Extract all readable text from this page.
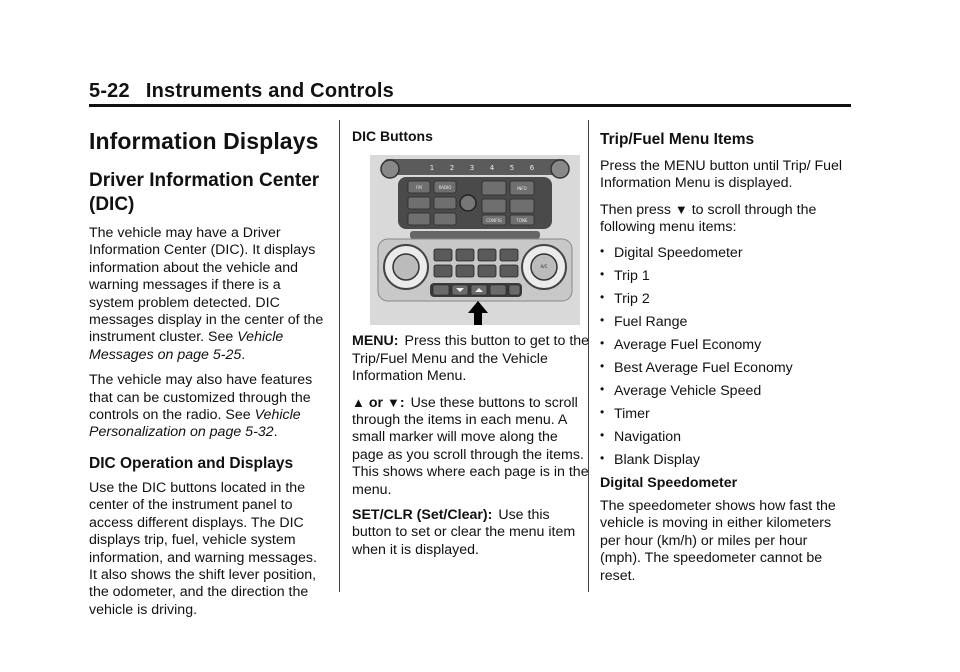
5-22 Instruments and Controls
Information Displays
Driver Information Center (DIC)

The vehicle may have a Driver Information Center (DIC). It displays information about the vehicle and warning messages if there is a system problem detected. DIC messages display in the center of the instrument cluster. See Vehicle Messages on page 5-25.

The vehicle may also have features that can be customized through the controls on the radio. See Vehicle Personalization on page 5-32.

DIC Operation and Displays

Use the DIC buttons located in the center of the instrument panel to access different displays. The DIC displays trip, fuel, vehicle system information, and warning messages. It also shows the shift lever position, the odometer, and the direction the vehicle is driving.

DIC Buttons
1 2 3 4 5 6
FM	RADIO
TONE
CONFIG
INFO
A/C

MENU: Press this button to get to the Trip/Fuel Menu and the Vehicle Information Menu.

▲ or ▼: Use these buttons to scroll through the items in each menu. A small marker will move along the page as you scroll through the items. This shows where each page is in the menu.

SET/CLR (Set/Clear): Use this button to set or clear the menu item when it is displayed.

Trip/Fuel Menu Items

Press the MENU button until Trip/ Fuel Information Menu is displayed.

Then press ▼ to scroll through the following menu items:

• Digital Speedometer
• Trip 1
• Trip 2
• Fuel Range
• Average Fuel Economy
• Best Average Fuel Economy
• Average Vehicle Speed
• Timer
• Navigation
• Blank Display
Digital Speedometer

The speedometer shows how fast the vehicle is moving in either kilometers per hour (km/h) or miles per hour (mph). The speedometer cannot be reset.
